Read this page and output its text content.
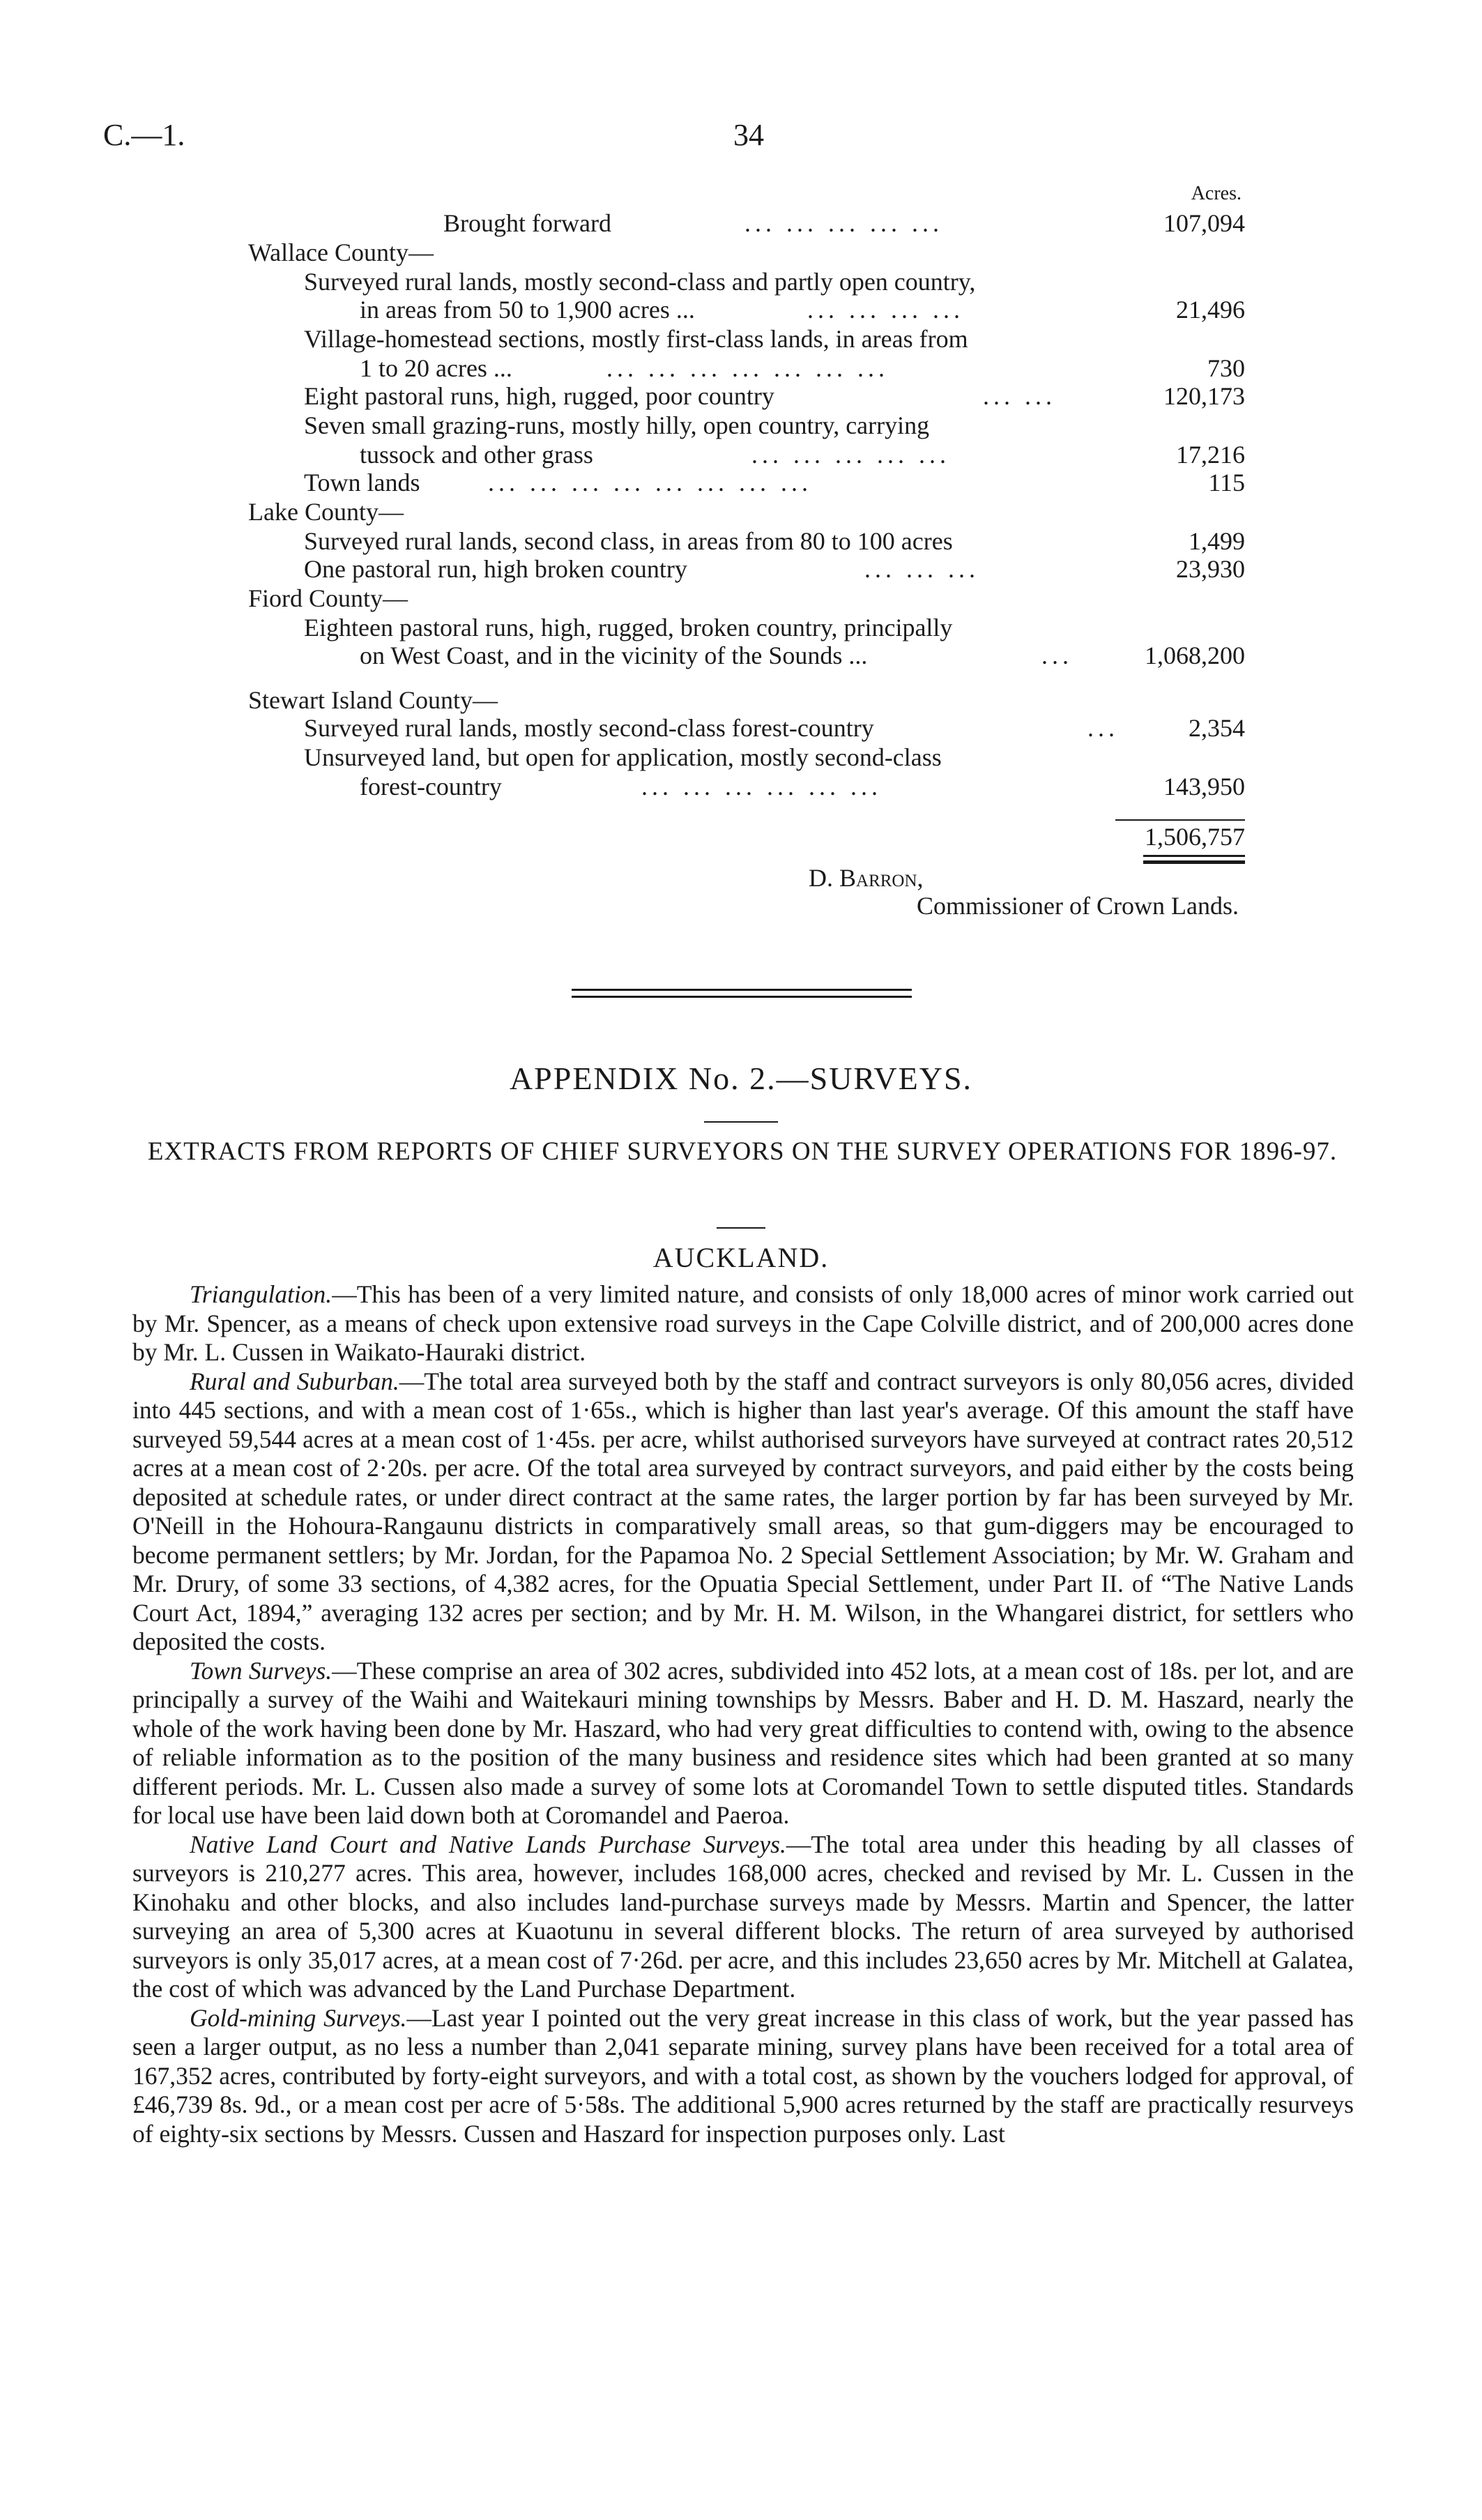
C.—1.	34
Acres.
Brought forward	... ... ... ... ...	107,094
Wallace County—
Surveyed rural lands, mostly second-class and partly open country,
in areas from 50 to 1,900 acres ...	... ... ... ...	21,496
Village-homestead sections, mostly first-class lands, in areas from
1 to 20 acres ...	... ... ... ... ... ... ...	730
Eight pastoral runs, high, rugged, poor country	... ...	120,173
Seven small grazing-runs, mostly hilly, open country, carrying
tussock and other grass	... ... ... ... ...	17,216
Town lands	... ... ... ... ... ... ... ...	115
Lake County—
Surveyed rural lands, second class, in areas from 80 to 100 acres	1,499
One pastoral run, high broken country	... ... ...	23,930
Fiord County—
Eighteen pastoral runs, high, rugged, broken country, principally
on West Coast, and in the vicinity of the Sounds ...	...	1,068,200
Stewart Island County—
Surveyed rural lands, mostly second-class forest-country	...	2,354
Unsurveyed land, but open for application, mostly second-class
forest-country	... ... ... ... ... ...	143,950
1,506,757
D. Barron,
Commissioner of Crown Lands.
APPENDIX No. 2.—SURVEYS.
EXTRACTS FROM REPORTS OF CHIEF SURVEYORS ON THE SURVEY OPERATIONS FOR 1896-97.
AUCKLAND.

Triangulation.—This has been of a very limited nature, and consists of only 18,000 acres of minor work carried out by Mr. Spencer, as a means of check upon extensive road surveys in the Cape Colville district, and of 200,000 acres done by Mr. L. Cussen in Waikato-Hauraki district.

Rural and Suburban.—The total area surveyed both by the staff and contract surveyors is only 80,056 acres, divided into 445 sections, and with a mean cost of 1·65s., which is higher than last year's average. Of this amount the staff have surveyed 59,544 acres at a mean cost of 1·45s. per acre, whilst authorised surveyors have surveyed at contract rates 20,512 acres at a mean cost of 2·20s. per acre. Of the total area surveyed by contract surveyors, and paid either by the costs being deposited at schedule rates, or under direct contract at the same rates, the larger portion by far has been surveyed by Mr. O'Neill in the Hohoura-Rangaunu districts in comparatively small areas, so that gum-diggers may be encouraged to become permanent settlers; by Mr. Jordan, for the Papamoa No. 2 Special Settlement Association; by Mr. W. Graham and Mr. Drury, of some 33 sections, of 4,382 acres, for the Opuatia Special Settlement, under Part II. of “The Native Lands Court Act, 1894,” averaging 132 acres per section; and by Mr. H. M. Wilson, in the Whangarei district, for settlers who deposited the costs.

Town Surveys.—These comprise an area of 302 acres, subdivided into 452 lots, at a mean cost of 18s. per lot, and are principally a survey of the Waihi and Waitekauri mining townships by Messrs. Baber and H. D. M. Haszard, nearly the whole of the work having been done by Mr. Haszard, who had very great difficulties to contend with, owing to the absence of reliable information as to the position of the many business and residence sites which had been granted at so many different periods. Mr. L. Cussen also made a survey of some lots at Coromandel Town to settle disputed titles. Standards for local use have been laid down both at Coromandel and Paeroa.

Native Land Court and Native Lands Purchase Surveys.—The total area under this heading by all classes of surveyors is 210,277 acres. This area, however, includes 168,000 acres, checked and revised by Mr. L. Cussen in the Kinohaku and other blocks, and also includes land-purchase surveys made by Messrs. Martin and Spencer, the latter surveying an area of 5,300 acres at Kuaotunu in several different blocks. The return of area surveyed by authorised surveyors is only 35,017 acres, at a mean cost of 7·26d. per acre, and this includes 23,650 acres by Mr. Mitchell at Galatea, the cost of which was advanced by the Land Purchase Department.

Gold-mining Surveys.—Last year I pointed out the very great increase in this class of work, but the year passed has seen a larger output, as no less a number than 2,041 separate mining, survey plans have been received for a total area of 167,352 acres, contributed by forty-eight surveyors, and with a total cost, as shown by the vouchers lodged for approval, of £46,739 8s. 9d., or a mean cost per acre of 5·58s. The additional 5,900 acres returned by the staff are practically resurveys of eighty-six sections by Messrs. Cussen and Haszard for inspection purposes only. Last
